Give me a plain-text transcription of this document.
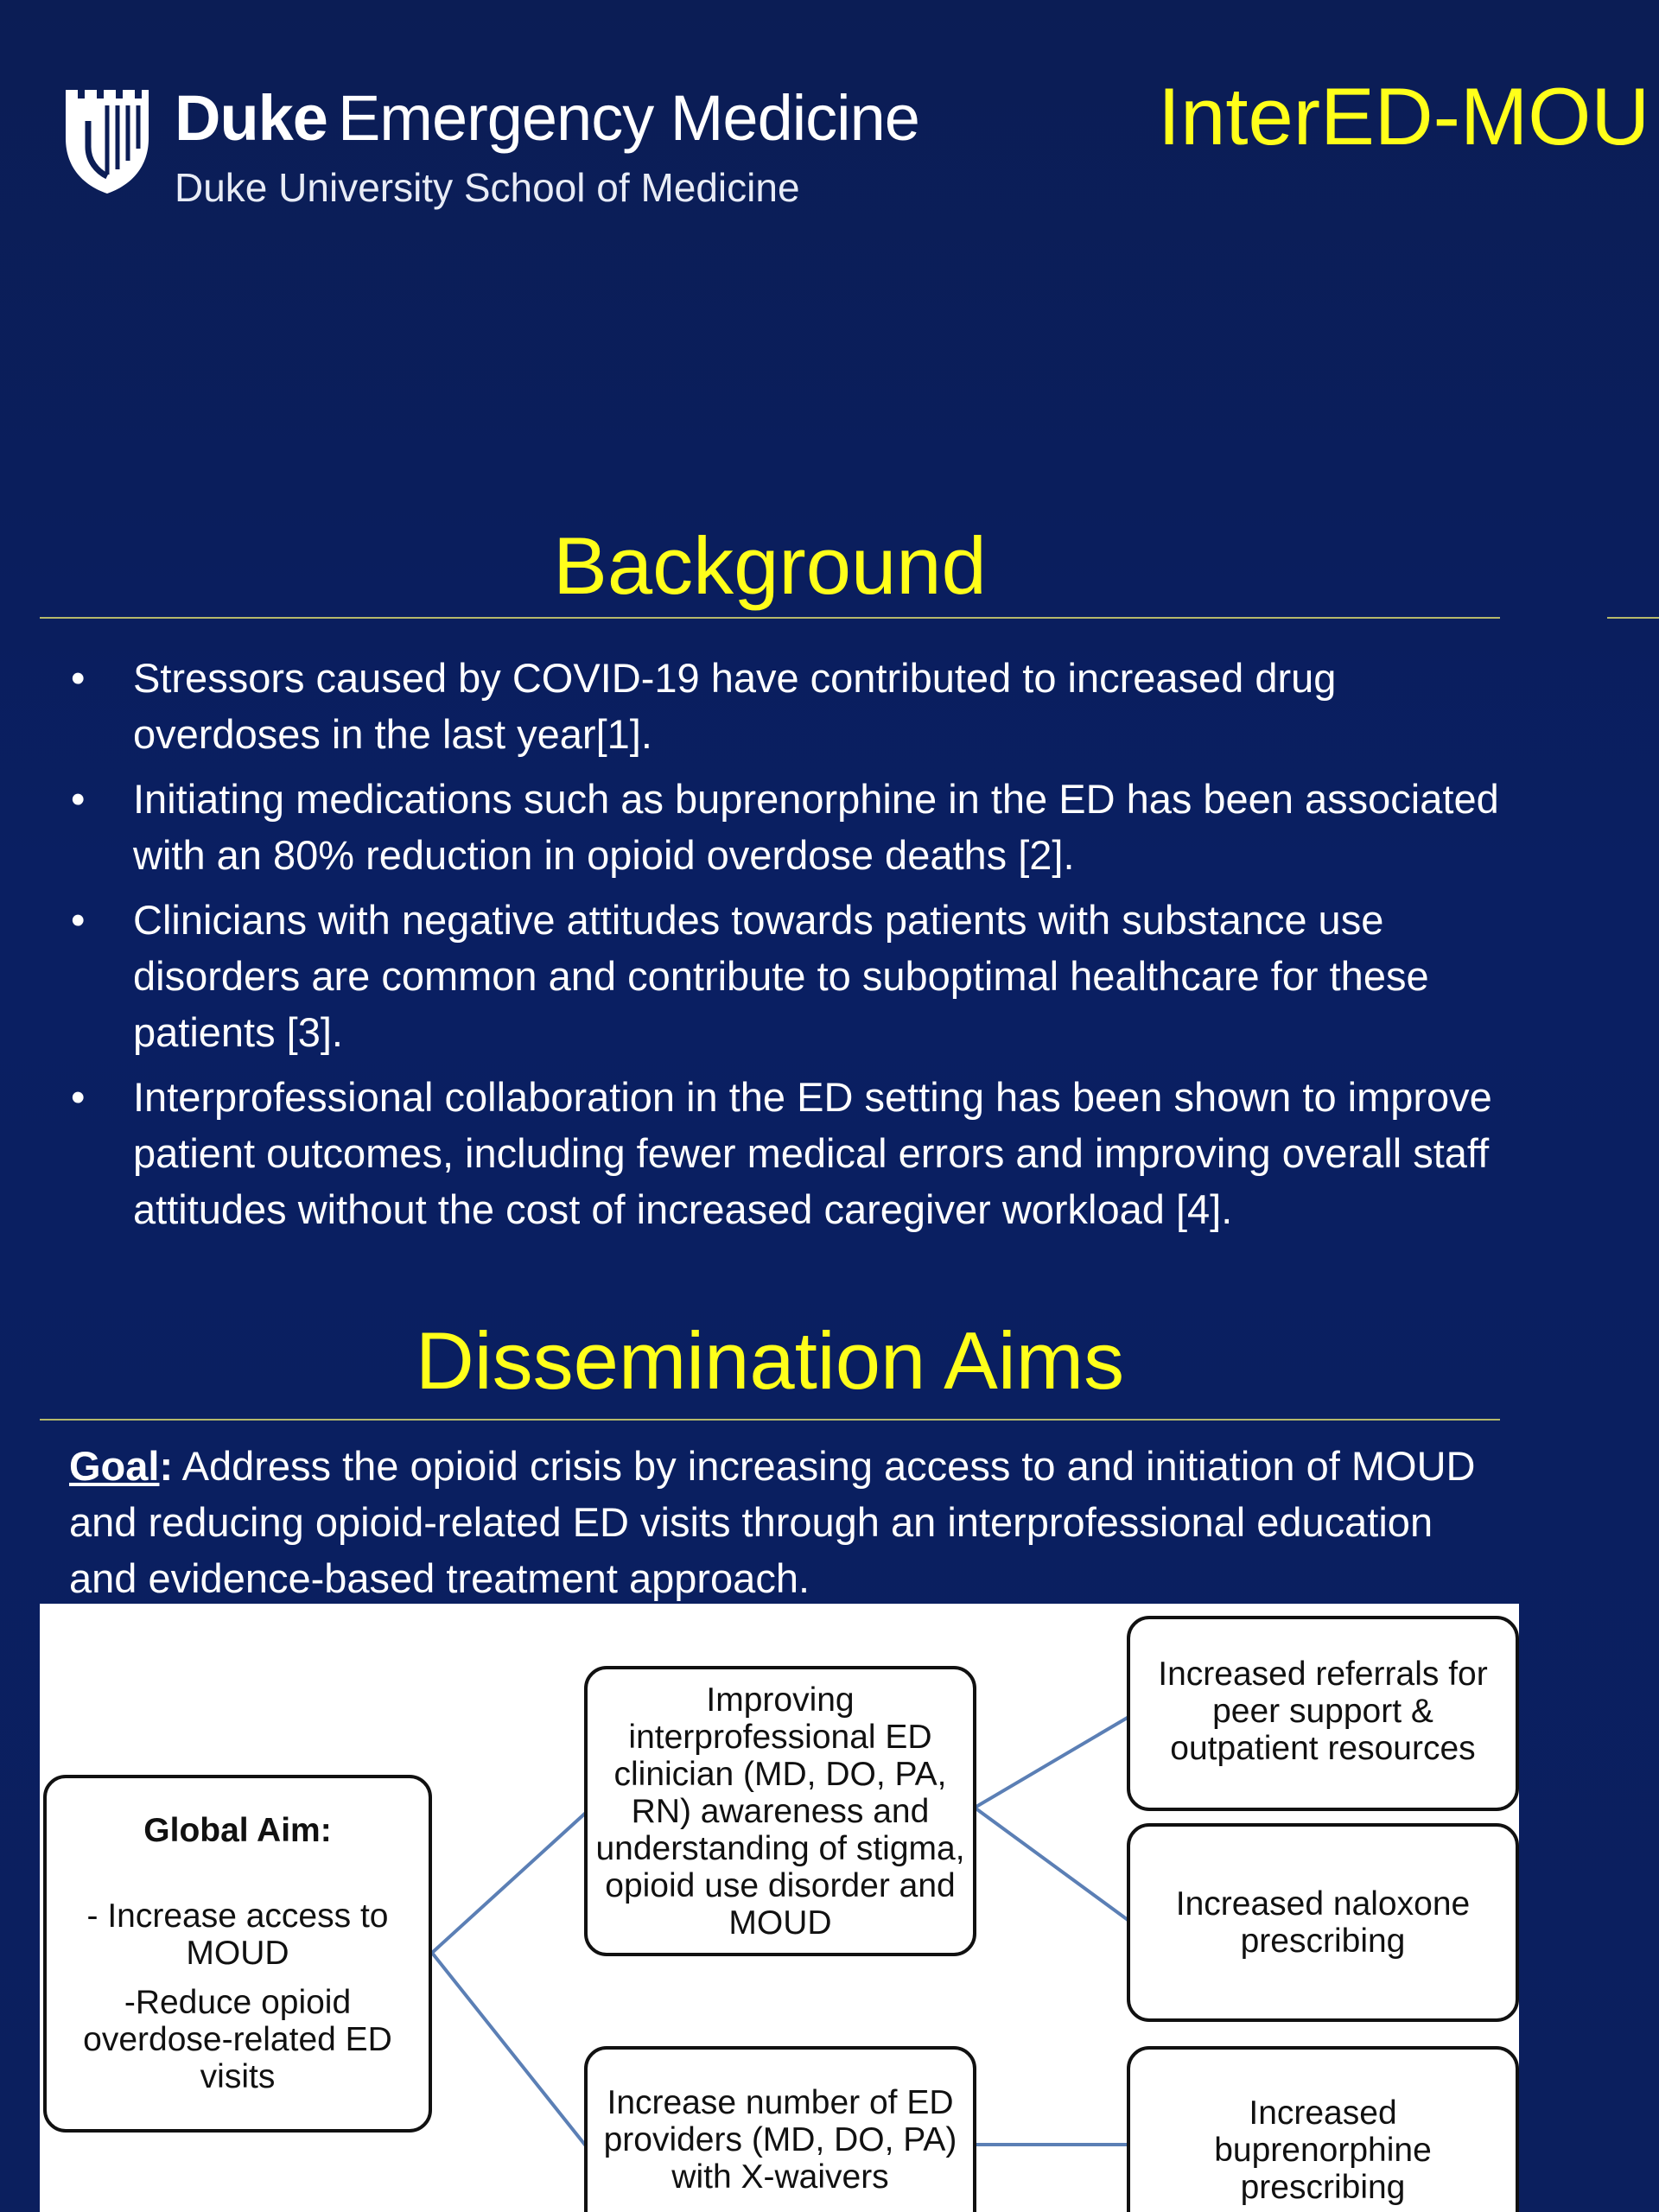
Duke Emergency Medicine
Duke University School of Medicine
InterED-MOU
Background
• Stressors caused by COVID-19 have contributed to increased drug overdoses in the last year[1].
• Initiating medications such as buprenorphine in the ED has been associated with an 80% reduction in opioid overdose deaths [2].
• Clinicians with negative attitudes towards patients with substance use disorders are common and contribute to suboptimal healthcare for these patients [3].
• Interprofessional collaboration in the ED setting has been shown to improve patient outcomes, including fewer medical errors and improving overall staff attitudes without the cost of increased caregiver workload [4].
Dissemination Aims

Goal: Address the opioid crisis by increasing access to and initiation of MOUD and reducing opioid-related ED visits through an interprofessional education and evidence-based treatment approach.

Global Aim:
- Increase access to MOUD
-Reduce opioid overdose-related ED visits
Improving interprofessional ED clinician (MD, DO, PA, RN) awareness and understanding of stigma, opioid use disorder and MOUD
Increase number of ED providers (MD, DO, PA) with X-waivers
Increased referrals for peer support & outpatient resources
Increased naloxone prescribing
Increased buprenorphine prescribing
